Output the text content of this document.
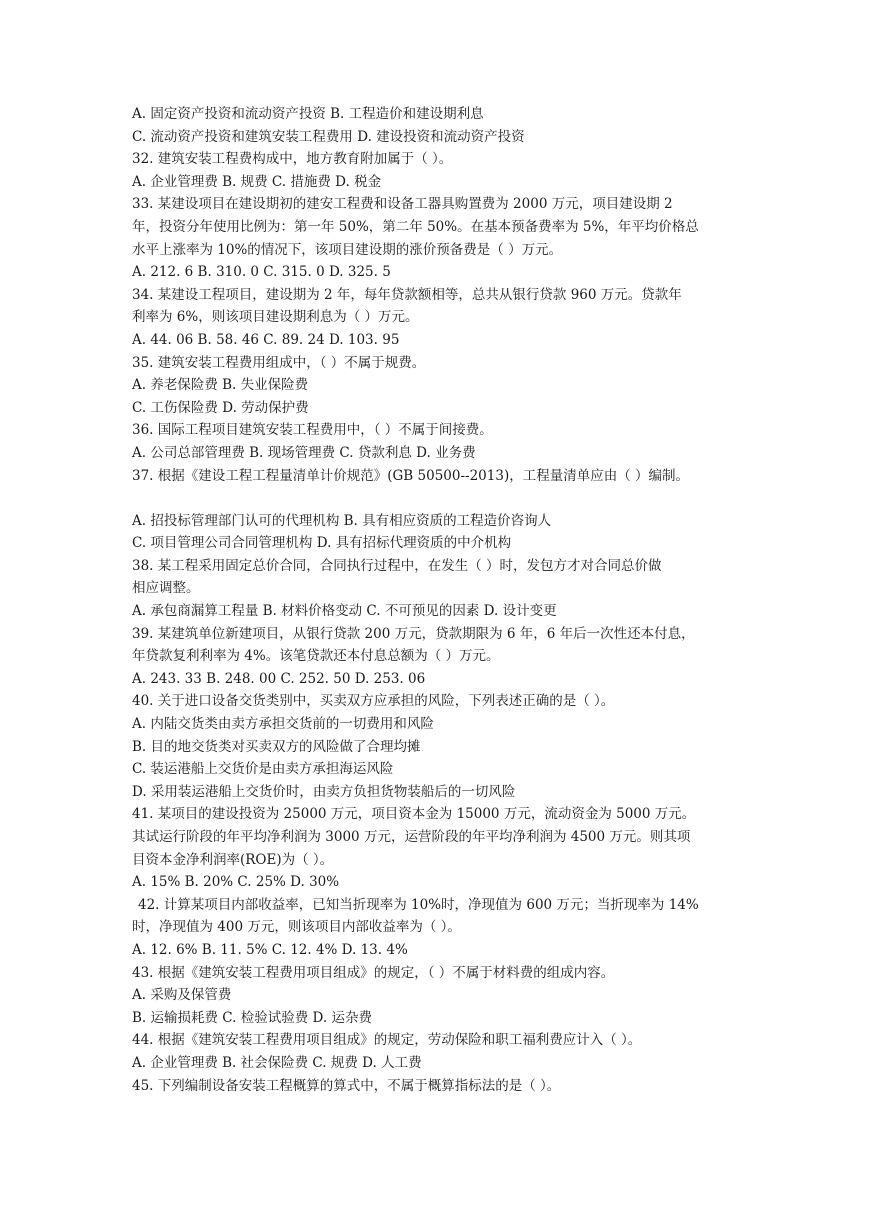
A. 固定资产投资和流动资产投资 B. 工程造价和建设期利息
C. 流动资产投资和建筑安装工程费用 D. 建设投资和流动资产投资
32. 建筑安装工程费构成中，地方教育附加属于（ ）。
A. 企业管理费 B. 规费 C. 措施费 D. 税金
33. 某建设项目在建设期初的建安工程费和设备工器具购置费为 2000 万元，项目建设期 2
年，投资分年使用比例为：第一年 50%，第二年 50%。在基本预备费率为 5%，年平均价格总
水平上涨率为 10%的情况下，该项目建设期的涨价预备费是（ ）万元。
A. 212. 6 B. 310. 0 C. 315. 0 D. 325. 5
34. 某建设工程项目，建设期为 2 年，每年贷款额相等，总共从银行贷款 960 万元。贷款年
利率为 6%，则该项目建设期利息为（ ）万元。
A. 44. 06 B. 58. 46 C. 89. 24 D. 103. 95
35. 建筑安装工程费用组成中，（ ）不属于规费。
A. 养老保险费 B. 失业保险费
C. 工伤保险费 D. 劳动保护费
36. 国际工程项目建筑安装工程费用中，（ ）不属于间接费。
A. 公司总部管理费 B. 现场管理费 C. 贷款利息 D. 业务费
37. 根据《建设工程工程量清单计价规范》(GB 50500--2013)，工程量清单应由（ ）编制。
A. 招投标管理部门认可的代理机构 B. 具有相应资质的工程造价咨询人
C. 项目管理公司合同管理机构 D. 具有招标代理资质的中介机构
38. 某工程采用固定总价合同，合同执行过程中，在发生（ ）时，发包方才对合同总价做
相应调整。
A. 承包商漏算工程量 B. 材料价格变动 C. 不可预见的因素 D. 设计变更
39. 某建筑单位新建项目，从银行贷款 200 万元，贷款期限为 6 年，6 年后一次性还本付息，
年贷款复利利率为 4%。该笔贷款还本付息总额为（ ）万元。
A. 243. 33 B. 248. 00 C. 252. 50 D. 253. 06
40. 关于进口设备交货类别中，买卖双方应承担的风险，下列表述正确的是（ ）。
A. 内陆交货类由卖方承担交货前的一切费用和风险
B. 目的地交货类对买卖双方的风险做了合理均摊
C. 装运港船上交货价是由卖方承担海运风险
D. 采用装运港船上交货价时，由卖方负担货物装船后的一切风险
41. 某项目的建设投资为 25000 万元，项目资本金为 15000 万元，流动资金为 5000 万元。
其试运行阶段的年平均净利润为 3000 万元，运营阶段的年平均净利润为 4500 万元。则其项
目资本金净利润率(ROE)为（ ）。
A. 15% B. 20% C. 25% D. 30%
42. 计算某项目内部收益率，已知当折现率为 10%时，净现值为 600 万元；当折现率为 14%
时，净现值为 400 万元，则该项目内部收益率为（ ）。
A. 12. 6% B. 11. 5% C. 12. 4% D. 13. 4%
43. 根据《建筑安装工程费用项目组成》的规定，（ ）不属于材料费的组成内容。
A. 采购及保管费
B. 运输损耗费 C. 检验试验费 D. 运杂费
44. 根据《建筑安装工程费用项目组成》的规定，劳动保险和职工福利费应计入（ ）。
A. 企业管理费 B. 社会保险费 C. 规费 D. 人工费
45. 下列编制设备安装工程概算的算式中，不属于概算指标法的是（ ）。
